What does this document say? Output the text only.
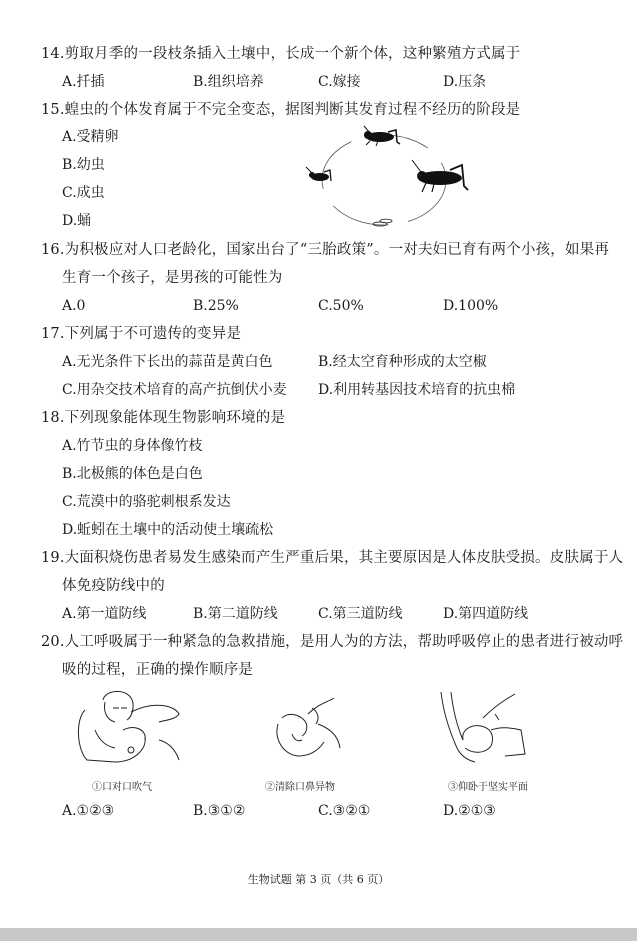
14.剪取月季的一段枝条插入土壤中，长成一个新个体，这种繁殖方式属于
A.扦插	B.组织培养	C.嫁接	D.压条
15.蝗虫的个体发育属于不完全变态，据图判断其发育过程不经历的阶段是
A.受精卵
B.幼虫
C.成虫
D.蛹
16.为积极应对人口老龄化，国家出台了“三胎政策”。一对夫妇已育有两个小孩，如果再
生育一个孩子，是男孩的可能性为
A.0	B.25%	C.50%	D.100%
17.下列属于不可遗传的变异是
A.无光条件下长出的蒜苗是黄白色	B.经太空育种形成的太空椒
C.用杂交技术培育的高产抗倒伏小麦 D.利用转基因技术培育的抗虫棉
18.下列现象能体现生物影响环境的是
A.竹节虫的身体像竹枝
B.北极熊的体色是白色
C.荒漠中的骆驼刺根系发达
D.蚯蚓在土壤中的活动使土壤疏松
19.大面积烧伤患者易发生感染而产生严重后果，其主要原因是人体皮肤受损。皮肤属于人
体免疫防线中的
A.第一道防线	B.第二道防线	C.第三道防线	D.第四道防线
20.人工呼吸属于一种紧急的急救措施，是用人为的方法，帮助呼吸停止的患者进行被动呼
吸的过程，正确的操作顺序是
①口对口吹气	②清除口鼻异物	③仰卧于坚实平面
A.①②③	B.③①②	C.③②①	D.②①③
生物试题 第 3 页（共 6 页）
